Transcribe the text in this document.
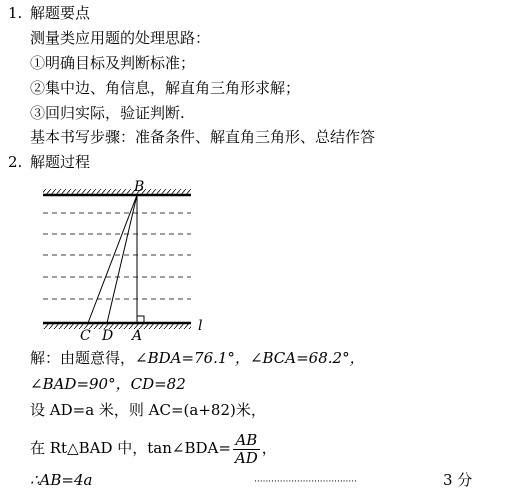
1. 解题要点
测量类应用题的处理思路：
①明确目标及判断标准；
②集中边、角信息，解直角三角形求解；
③回归实际，验证判断.
基本书写步骤：准备条件、解直角三角形、总结作答
2. 解题过程
B
C D A
l
解：由题意得，∠BDA=76.1°，∠BCA=68.2°，
∠BAD=90°，CD=82
设 AD=a 米，则 AC=(a+82)米，
在 Rt△BAD 中，tan∠BDA= $\frac{AB}{AD}$ ，
∴AB=4a	····································	3 分
